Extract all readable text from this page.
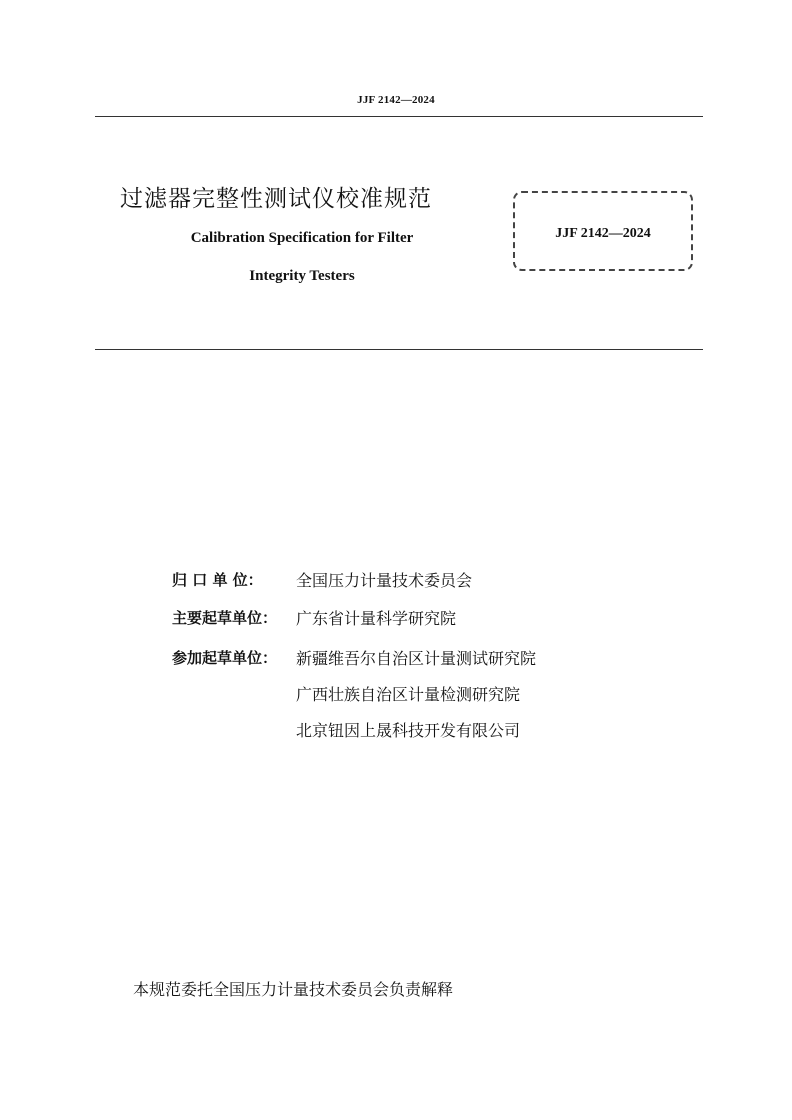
JJF 2142—2024
过滤器完整性测试仪校准规范
Calibration Specification for Filter
Integrity Testers
JJF 2142—2024
归 口 单 位：	全国压力计量技术委员会
主要起草单位：	广东省计量科学研究院
参加起草单位：	新疆维吾尔自治区计量测试研究院
广西壮族自治区计量检测研究院
北京钮因上晟科技开发有限公司
本规范委托全国压力计量技术委员会负责解释
